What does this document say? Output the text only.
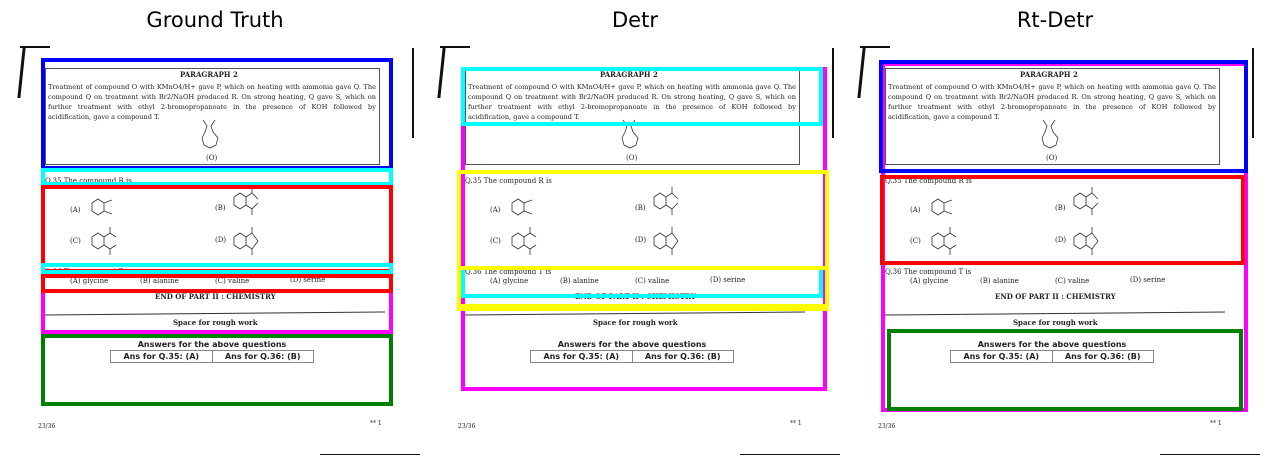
Ground Truth	Detr	Rt-Detr
PARAGRAPH 2
Treatment of compound O with KMnO4/H+ gave P, which on heating with ammonia gave Q. The compound Q on treatment with Br2/NaOH produced R. On strong heating, Q gave S, which on further treatment with ethyl 2-bromopropanoate in the presence of KOH followed by acidification, gave a compound T.
(O)
Q.35 The compound R is
(A)	(B)
(C)	(D)
Q.36 The compound T is
(A) glycine	(B) alanine	(C) valine	(D) serine
END OF PART II : CHEMISTRY
Space for rough work
Answers for the above questions
Ans for Q.35: (A)	Ans for Q.36: (B)
23/36	** 1
PARAGRAPH 2
Treatment of compound O with KMnO4/H+ gave P, which on heating with ammonia gave Q. The compound Q on treatment with Br2/NaOH produced R. On strong heating, Q gave S, which on further treatment with ethyl 2-bromopropanoate in the presence of KOH followed by acidification, gave a compound T.
(O)
Q.35 The compound R is
(A)	(B)
(C)	(D)
Q.36 The compound T is
(A) glycine	(B) alanine	(C) valine	(D) serine
END OF PART II : CHEMISTRY
Space for rough work
Answers for the above questions
Ans for Q.35: (A)	Ans for Q.36: (B)
23/36	** 1
PARAGRAPH 2
Treatment of compound O with KMnO4/H+ gave P, which on heating with ammonia gave Q. The compound Q on treatment with Br2/NaOH produced R. On strong heating, Q gave S, which on further treatment with ethyl 2-bromopropanoate in the presence of KOH followed by acidification, gave a compound T.
(O)
Q.35 The compound R is
(A)	(B)
(C)	(D)
Q.36 The compound T is
(A) glycine	(B) alanine	(C) valine	(D) serine
END OF PART II : CHEMISTRY
Space for rough work
Answers for the above questions
Ans for Q.35: (A)	Ans for Q.36: (B)
23/36	** 1
